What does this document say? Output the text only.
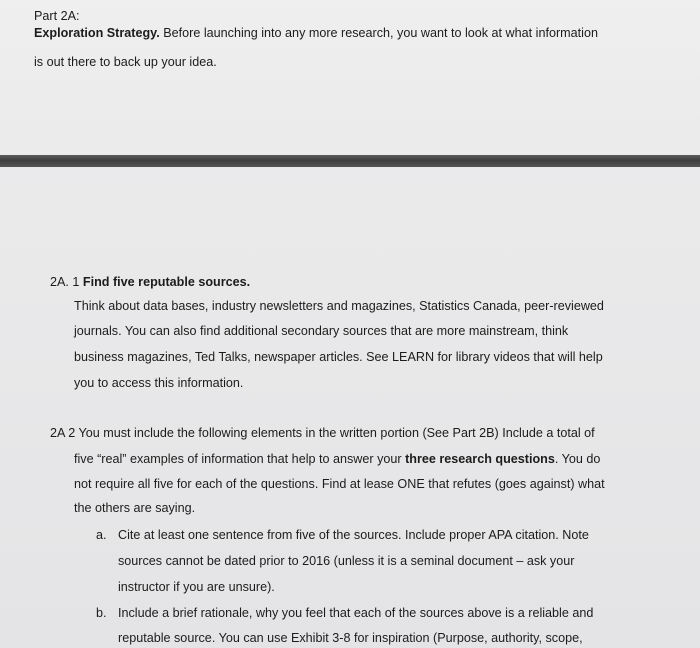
Part 2A:
Exploration Strategy. Before launching into any more research, you want to look at what information
is out there to back up your idea.
2A. 1 Find five reputable sources.
Think about data bases, industry newsletters and magazines, Statistics Canada, peer-reviewed
journals. You can also find additional secondary sources that are more mainstream, think
business magazines, Ted Talks, newspaper articles. See LEARN for library videos that will help
you to access this information.
2A 2 You must include the following elements in the written portion (See Part 2B) Include a total of
five “real” examples of information that help to answer your three research questions. You do
not require all five for each of the questions. Find at lease ONE that refutes (goes against) what
the others are saying.
a. Cite at least one sentence from five of the sources. Include proper APA citation. Note
sources cannot be dated prior to 2016 (unless it is a seminal document – ask your
instructor if you are unsure).
b. Include a brief rationale, why you feel that each of the sources above is a reliable and
reputable source. You can use Exhibit 3-8 for inspiration (Purpose, authority, scope,
